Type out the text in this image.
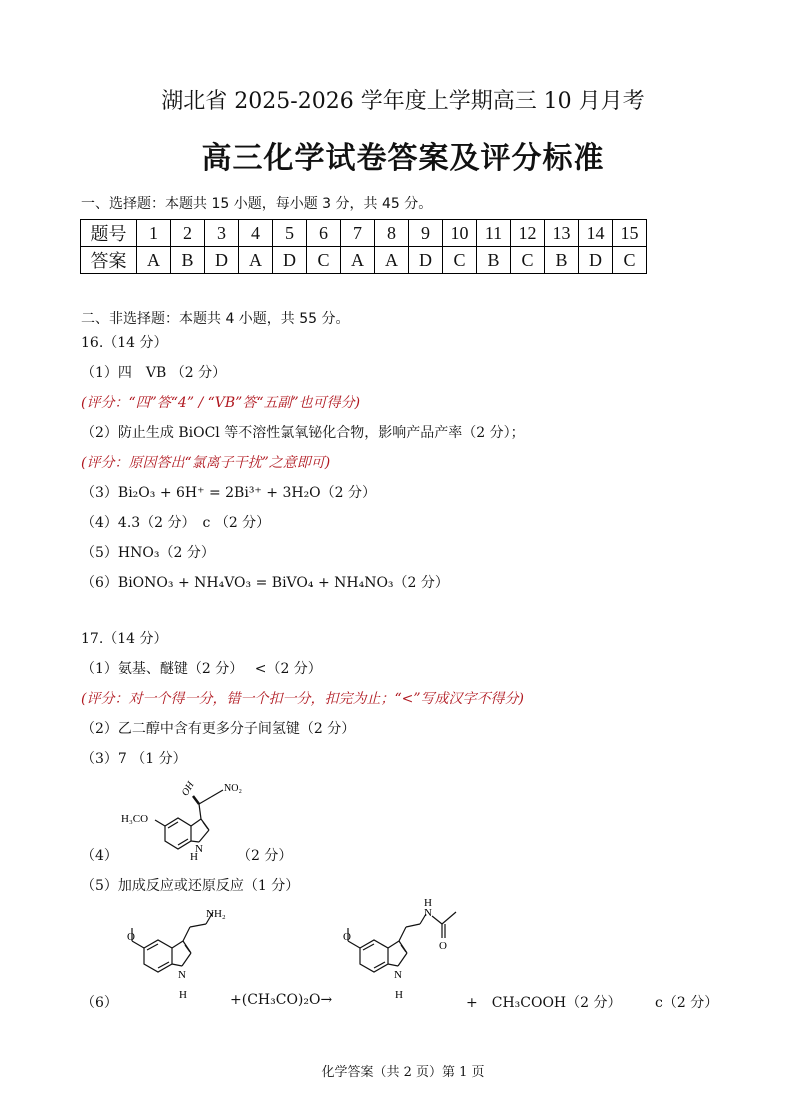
湖北省 2025-2026 学年度上学期高三 10 月月考
高三化学试卷答案及评分标准
一、选择题：本题共 15 小题，每小题 3 分，共 45 分。
题号	1	2	3	4	5	6	7	8	9	10	11	12	13	14	15
答案	A	B	D	A	D	C	A	A	D	C	B	C	B	D	C
二、非选择题：本题共 4 小题，共 55 分。
16.（14 分）
（1）四　VB （2 分）
(评分：“四”答“4” / “VB”答“五副”也可得分)
（2）防止生成 BiOCl 等不溶性氯氧铋化合物，影响产品产率（2 分）；
(评分：原因答出“氯离子干扰”之意即可)
（3）Bi₂O₃ + 6H⁺ = 2Bi³⁺ + 3H₂O（2 分）
（4）4.3（2 分）　c （2 分）
（5）HNO₃（2 分）
（6）BiONO₃ + NH₄VO₃ = BiVO₄ + NH₄NO₃（2 分）
17.（14 分）
（1）氨基、醚键（2 分）　 <（2 分）
(评分：对一个得一分，错一个扣一分，扣完为止；“<”写成汉字不得分)
（2）乙二醇中含有更多分子间氢键（2 分）
（3）7 （1 分）
H₃CO
OH	NO₂
N
H
（4）	（2 分）
（5）加成反应或还原反应（1 分）
O
NH₂
N
H
O
N
H
O
N
H
（6）	+(CH₃CO)₂O→	+　CH₃COOH（2 分） c（2 分）
化学答案（共 2 页）第 1 页
